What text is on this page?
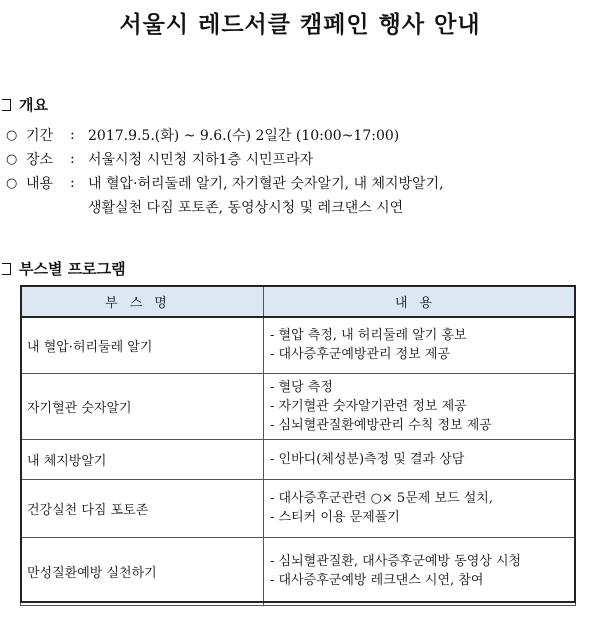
서울시 레드서클 캠페인 행사 안내
개요
○ 기간	: 2017.9.5.(화) ~ 9.6.(수) 2일간 (10:00~17:00)
○ 장소	: 서울시청 시민청 지하1층 시민프라자
○ 내용	: 내 혈압·허리둘레 알기, 자기혈관 숫자알기, 내 체지방알기,
생활실천 다짐 포토존, 동영상시청 및 레크댄스 시연
부스별 프로그램
부스명	내용
내 혈압·허리둘레 알기	- 혈압 측정, 내 허리둘레 알기 홍보
- 대사증후군예방관리 정보 제공

자기혈관 숫자알기	- 혈당 측정
- 자기혈관 숫자알기관련 정보 제공
- 심뇌혈관질환예방관리 수칙 정보 제공

내 체지방알기	- 인바디(체성분)측정 및 결과 상담

건강실천 다짐 포토존	- 대사증후군관련 ○× 5문제 보드 설치,
- 스티커 이용 문제풀기

만성질환예방 실천하기	- 심뇌혈관질환, 대사증후군예방 동영상 시청
- 대사증후군예방 레크댄스 시연, 참여
